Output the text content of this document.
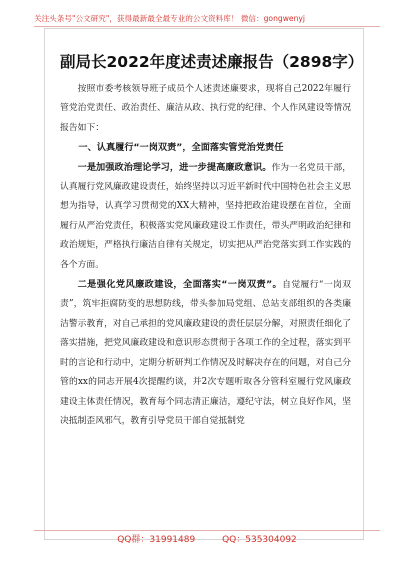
关注头条号"公文研究"，获得最新最全最专业的公文资料库！ 微信：gongwenyj
副局长2022年度述责述廉报告（2898字）

按照市委考核领导班子成员个人述责述廉要求，现将自己2022年履行管党治党责任、政治责任、廉洁从政、执行党的纪律、个人作风建设等情况报告如下：

一、认真履行“一岗双责”，全面落实管党治党责任

一是加强政治理论学习，进一步提高廉政意识。作为一名党员干部，认真履行党风廉政建设责任，始终坚持以习近平新时代中国特色社会主义思想为指导，认真学习贯彻党的XX大精神，坚持把政治建设摆在首位，全面履行从严治党责任，积极落实党风廉政建设工作责任，带头严明政治纪律和政治规矩，严格执行廉洁自律有关规定，切实把从严治党落实到工作实践的各个方面。

二是强化党风廉政建设，全面落实“一岗双责”。自觉履行“一岗双责”，筑牢拒腐防变的思想防线，带头参加局党组、总站支部组织的各类廉洁警示教育，对自己承担的党风廉政建设的责任层层分解，对照责任细化了落实措施，把党风廉政建设和意识形态贯彻于各项工作的全过程，落实到平时的言论和行动中，定期分析研判工作情况及时解决存在的问题，对自己分管的xx的同志开展4次提醒约谈，并2次专题听取各分管科室履行党风廉政建设主体责任情况，教育每个同志清正廉洁，遵纪守法，树立良好作风，坚决抵制歪风邪气，教育引导党员干部自觉抵制党

QQ群：31991489	QQ：535304092
